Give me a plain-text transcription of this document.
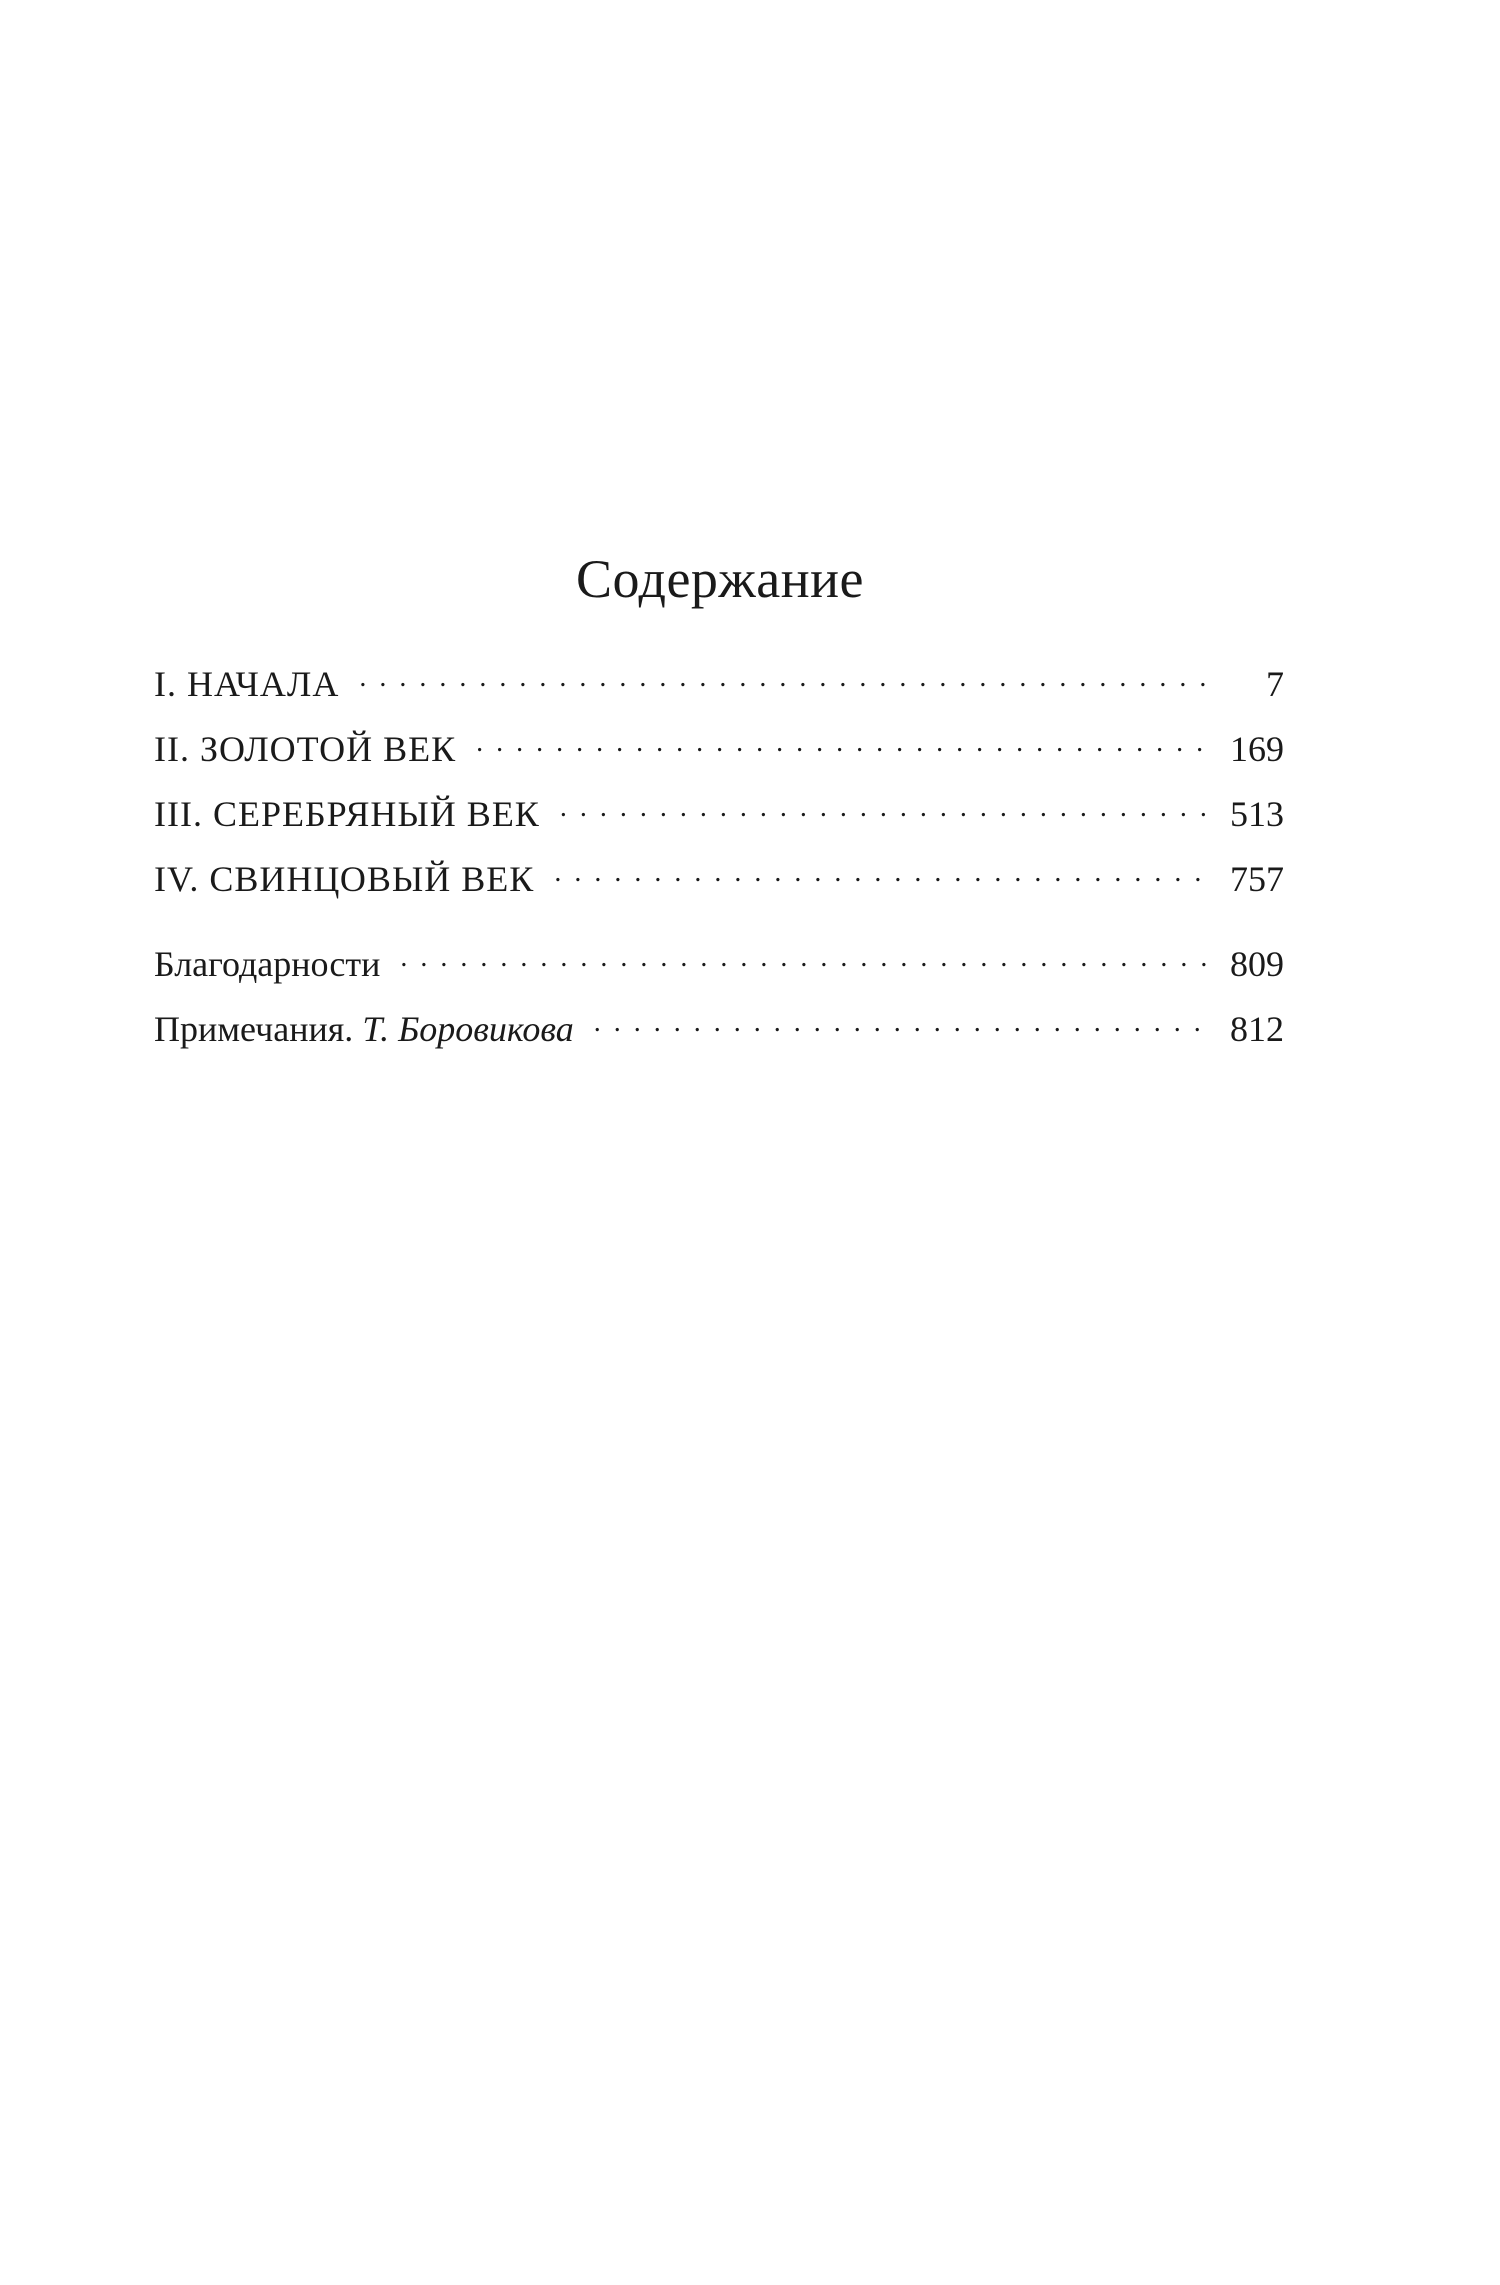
Содержание
I. НАЧАЛА . . .	7
II. ЗОЛОТОЙ ВЕК . . .	169
III. СЕРЕБРЯНЫЙ ВЕК . . .	513
IV. СВИНЦОВЫЙ ВЕК . . .	757
Благодарности . . .	809
Примечания. Т. Боровикова . . .	812
